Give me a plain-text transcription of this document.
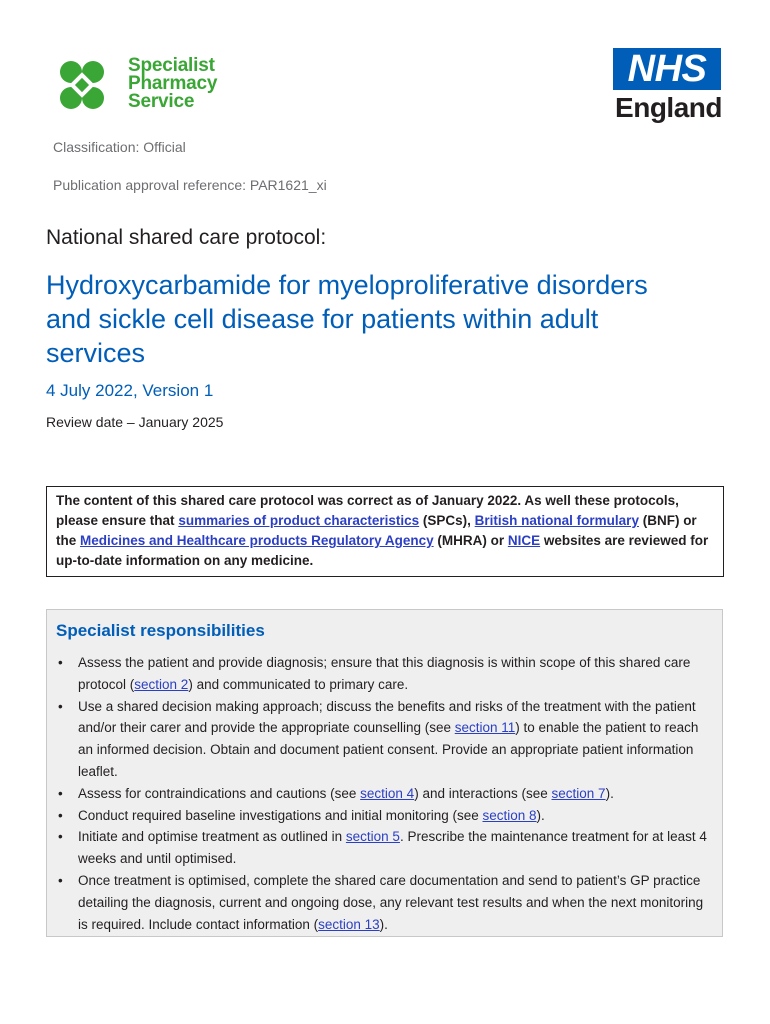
Specialist
Pharmacy
Service
NHS
England
Classification: Official
Publication approval reference: PAR1621_xi
National shared care protocol:
Hydroxycarbamide for myeloproliferative disorders and sickle cell disease for patients within adult services
4 July 2022, Version 1
Review date – January 2025
The content of this shared care protocol was correct as of January 2022. As well these protocols, please ensure that summaries of product characteristics (SPCs), British national formulary (BNF) or the Medicines and Healthcare products Regulatory Agency (MHRA) or NICE websites are reviewed for up-to-date information on any medicine.
Specialist responsibilities
• Assess the patient and provide diagnosis; ensure that this diagnosis is within scope of this shared care protocol (section 2) and communicated to primary care.
• Use a shared decision making approach; discuss the benefits and risks of the treatment with the patient and/or their carer and provide the appropriate counselling (see section 11) to enable the patient to reach an informed decision. Obtain and document patient consent. Provide an appropriate patient information leaflet.
• Assess for contraindications and cautions (see section 4) and interactions (see section 7).
• Conduct required baseline investigations and initial monitoring (see section 8).
• Initiate and optimise treatment as outlined in section 5. Prescribe the maintenance treatment for at least 4 weeks and until optimised.
• Once treatment is optimised, complete the shared care documentation and send to patient’s GP practice detailing the diagnosis, current and ongoing dose, any relevant test results and when the next monitoring is required. Include contact information (section 13).
